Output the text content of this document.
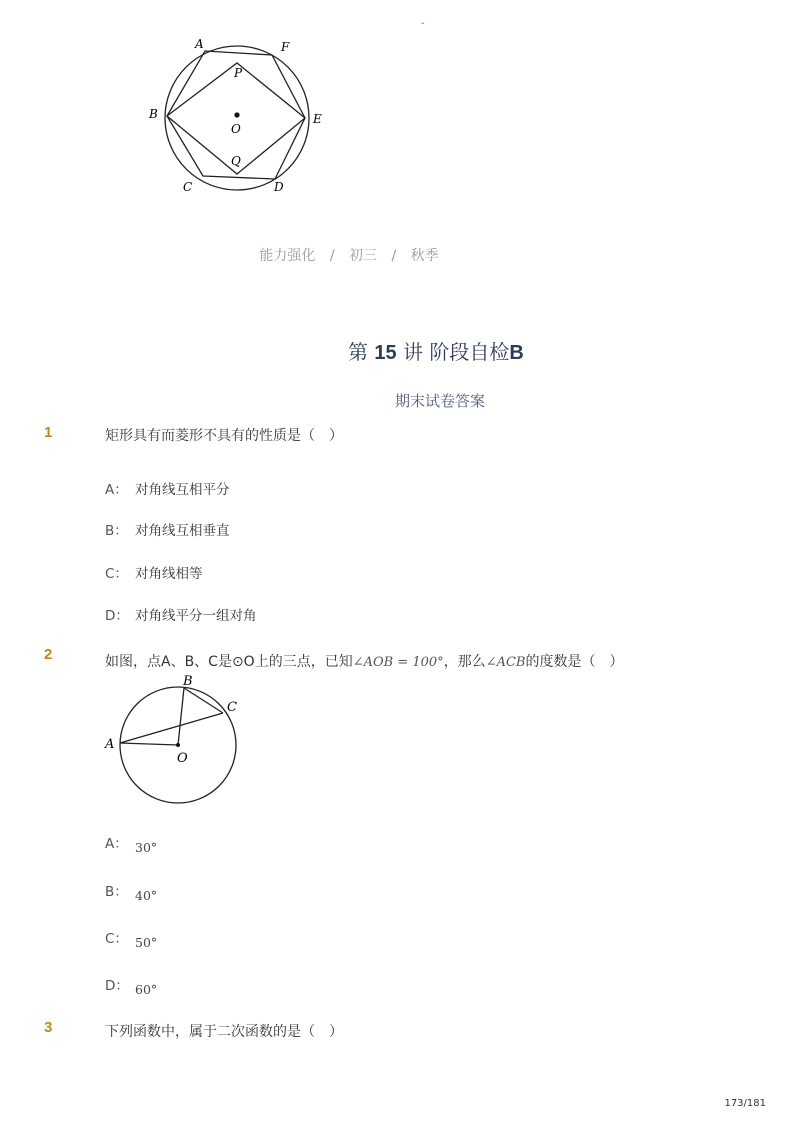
-
A	F
P
B
O
E
Q
C	D
能力强化 / 初三 / 秋季
第 15 讲 阶段自检B
期末试卷答案
1	矩形具有而菱形不具有的性质是（　）
A： 对角线互相平分
B： 对角线互相垂直
C： 对角线相等
D： 对角线平分一组对角
2	如图，点A、B、C是⊙O上的三点，已知∠AOB = 100°，那么∠ACB的度数是（　）
B
C
A
O
A： 30°
B： 40°
C： 50°
D： 60°
3	下列函数中，属于二次函数的是（　）
173/181
